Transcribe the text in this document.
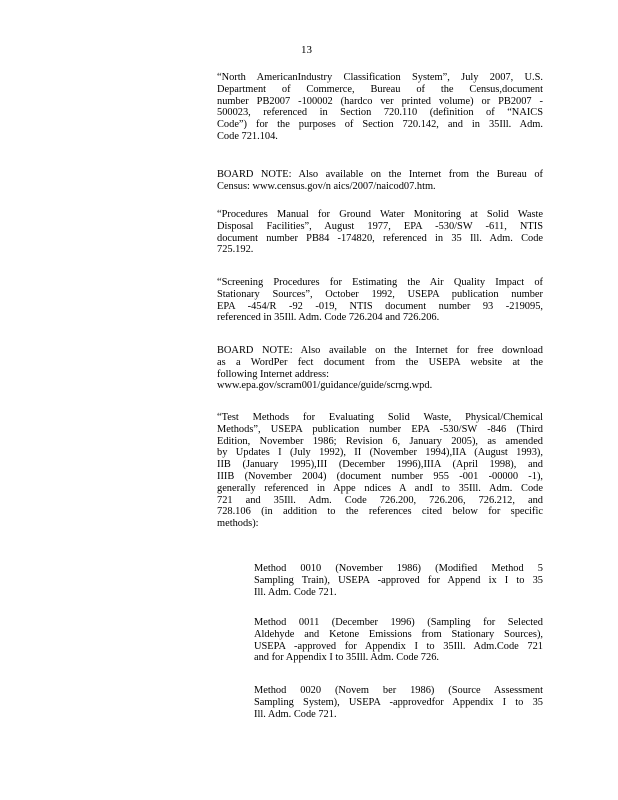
13
“North AmericanIndustry Classification System”, July 2007, U.S.
Department of Commerce, Bureau of the Census,document
number PB2007 -100002 (hardco ver printed volume) or PB2007 -
500023, referenced in Section 720.110 (definition of “NAICS
Code”) for the purposes of Section 720.142, and in 35Ill. Adm.
Code 721.104.
BOARD NOTE: Also available on the Internet from the Bureau of
Census: www.census.gov/n aics/2007/naicod07.htm.
“Procedures Manual for Ground Water Monitoring at Solid Waste
Disposal Facilities”, August 1977, EPA -530/SW -611, NTIS
document number PB84 -174820, referenced in 35 Ill. Adm. Code
725.192.
“Screening Procedures for Estimating the Air Quality Impact of
Stationary Sources”, October 1992, USEPA publication number
EPA -454/R -92 -019, NTIS document number 93 -219095,
referenced in 35Ill. Adm. Code 726.204 and 726.206.
BOARD NOTE: Also available on the Internet for free download
as a WordPer fect document from the USEPA website at the
following Internet address:
www.epa.gov/scram001/guidance/guide/scrng.wpd.
“Test Methods for Evaluating Solid Waste, Physical/Chemical
Methods”, USEPA publication number EPA -530/SW -846 (Third
Edition, November 1986; Revision 6, January 2005), as amended
by Updates I (July 1992), II (November 1994),IIA (August 1993),
IIB (January 1995),III (December 1996),IIIA (April 1998), and
IIIB (November 2004) (document number 955 -001 -00000 -1),
generally referenced in Appe ndices A andI to 35Ill. Adm. Code
721 and 35Ill. Adm. Code 726.200, 726.206, 726.212, and
728.106 (in addition to the references cited below for specific
methods):
Method 0010 (November 1986) (Modified Method 5
Sampling Train), USEPA -approved for Append ix I to 35
Ill. Adm. Code 721.
Method 0011 (December 1996) (Sampling for Selected
Aldehyde and Ketone Emissions from Stationary Sources),
USEPA -approved for Appendix I to 35Ill. Adm.Code 721
and for Appendix I to 35Ill. Adm. Code 726.
Method 0020 (Novem ber 1986) (Source Assessment
Sampling System), USEPA -approvedfor Appendix I to 35
Ill. Adm. Code 721.
